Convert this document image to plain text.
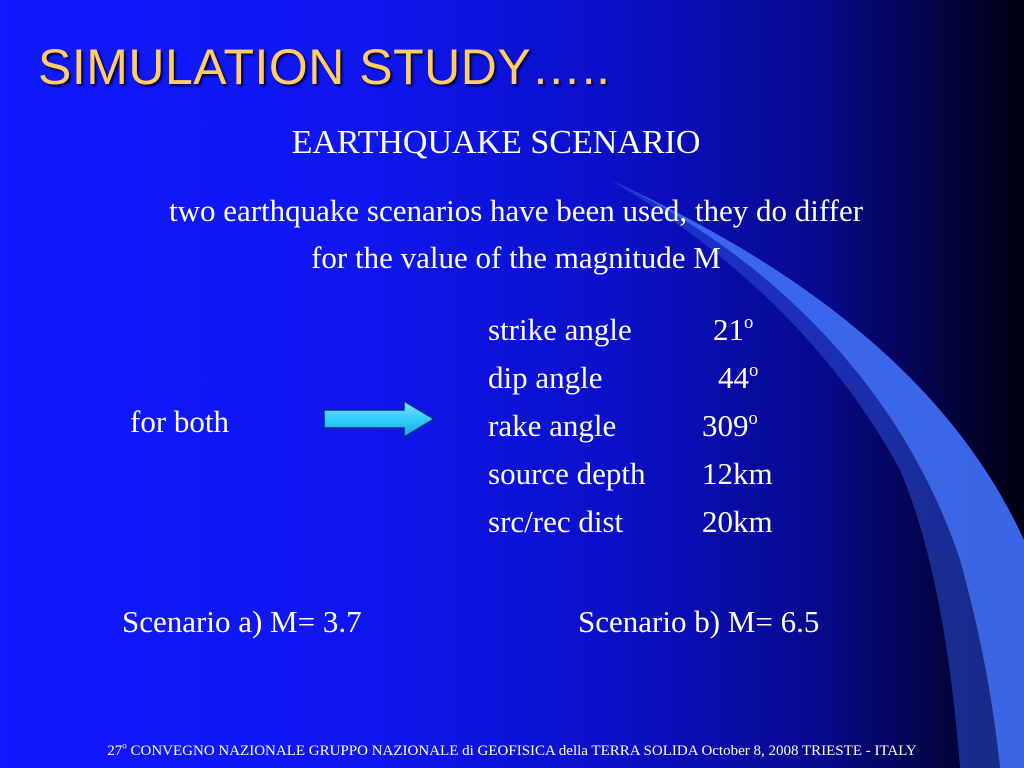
SIMULATION STUDY…..
EARTHQUAKE SCENARIO
two earthquake scenarios have been used, they do differ
for the value of the magnitude M
for both
strike angle	21$^o$
dip angle	44$^o$
rake angle	309$^o$
source depth 12km
src/rec dist	20km
Scenario a) M= 3.7	Scenario b) M= 6.5
27$^o$ CONVEGNO NAZIONALE GRUPPO NAZIONALE di GEOFISICA della TERRA SOLIDA October 8, 2008 TRIESTE - ITALY
